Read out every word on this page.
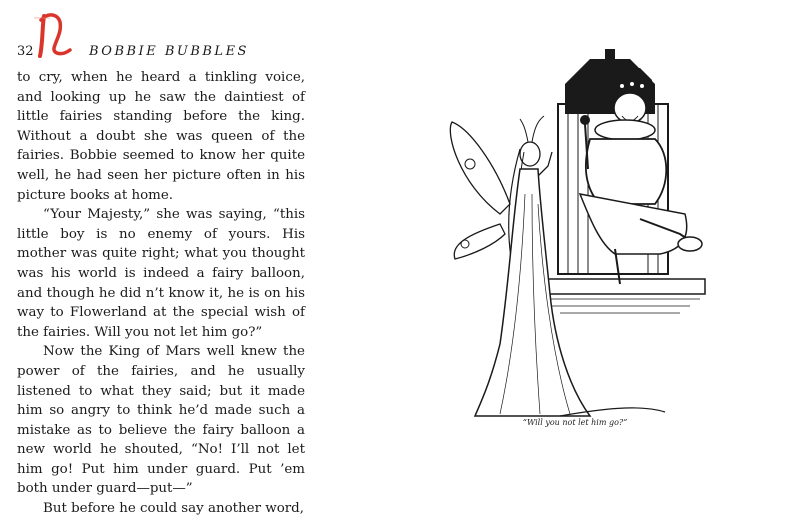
32	BOBBIE BUBBLES

to cry, when he heard a tinkling voice, and looking up he saw the daintiest of little fairies standing before the king. Without a doubt she was queen of the fairies. Bobbie seemed to know her quite well, he had seen her picture often in his picture books at home.

“Your Majesty,” she was saying, “this little boy is no enemy of yours. His mother was quite right; what you thought was his world is indeed a fairy balloon, and though he did n’t know it, he is on his way to Flowerland at the special wish of the fairies. Will you not let him go?”

Now the King of Mars well knew the power of the fairies, and he usually listened to what they said; but it made him so angry to think he’d made such a mistake as to believe the fairy balloon a new world he shouted, “No! I’ll not let him go! Put him under guard. Put ’em both under guard—put—”

But before he could say another word,

“Will you not let him go?”
